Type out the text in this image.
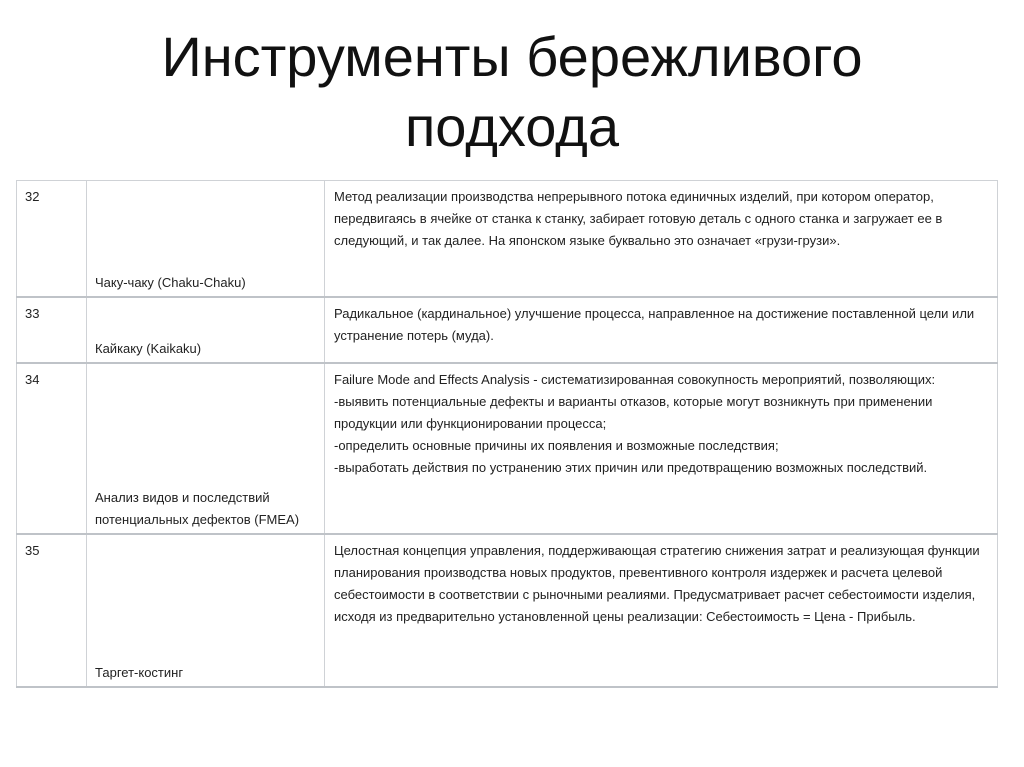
Инструменты бережливого подхода
32	Чаку-чаку (Chaku-Chaku)	Метод реализации производства непрерывного потока единичных изделий, при котором оператор, передвигаясь в ячейке от станка к станку, забирает готовую деталь с одного станка и загружает ее в следующий, и так далее. На японском языке буквально это означает «грузи-грузи».
33	Кайкаку (Kaikaku)	Радикальное (кардинальное) улучшение процесса, направленное на достижение поставленной цели или устранение потерь (муда).
34	Анализ видов и последствий потенциальных дефектов (FMEA)	Failure Mode and Effects Analysis - систематизированная совокупность мероприятий, позволяющих:
-выявить потенциальные дефекты и варианты отказов, которые могут возникнуть при применении продукции или функционировании процесса;
-определить основные причины их появления и возможные последствия;
-выработать действия по устранению этих причин или предотвращению возможных последствий.
35	Таргет-костинг	Целостная концепция управления, поддерживающая стратегию снижения затрат и реализующая функции планирования производства новых продуктов, превентивного контроля издержек и расчета целевой себестоимости в соответствии с рыночными реалиями. Предусматривает расчет себестоимости изделия, исходя из предварительно установленной цены реализации: Себестоимость = Цена - Прибыль.
